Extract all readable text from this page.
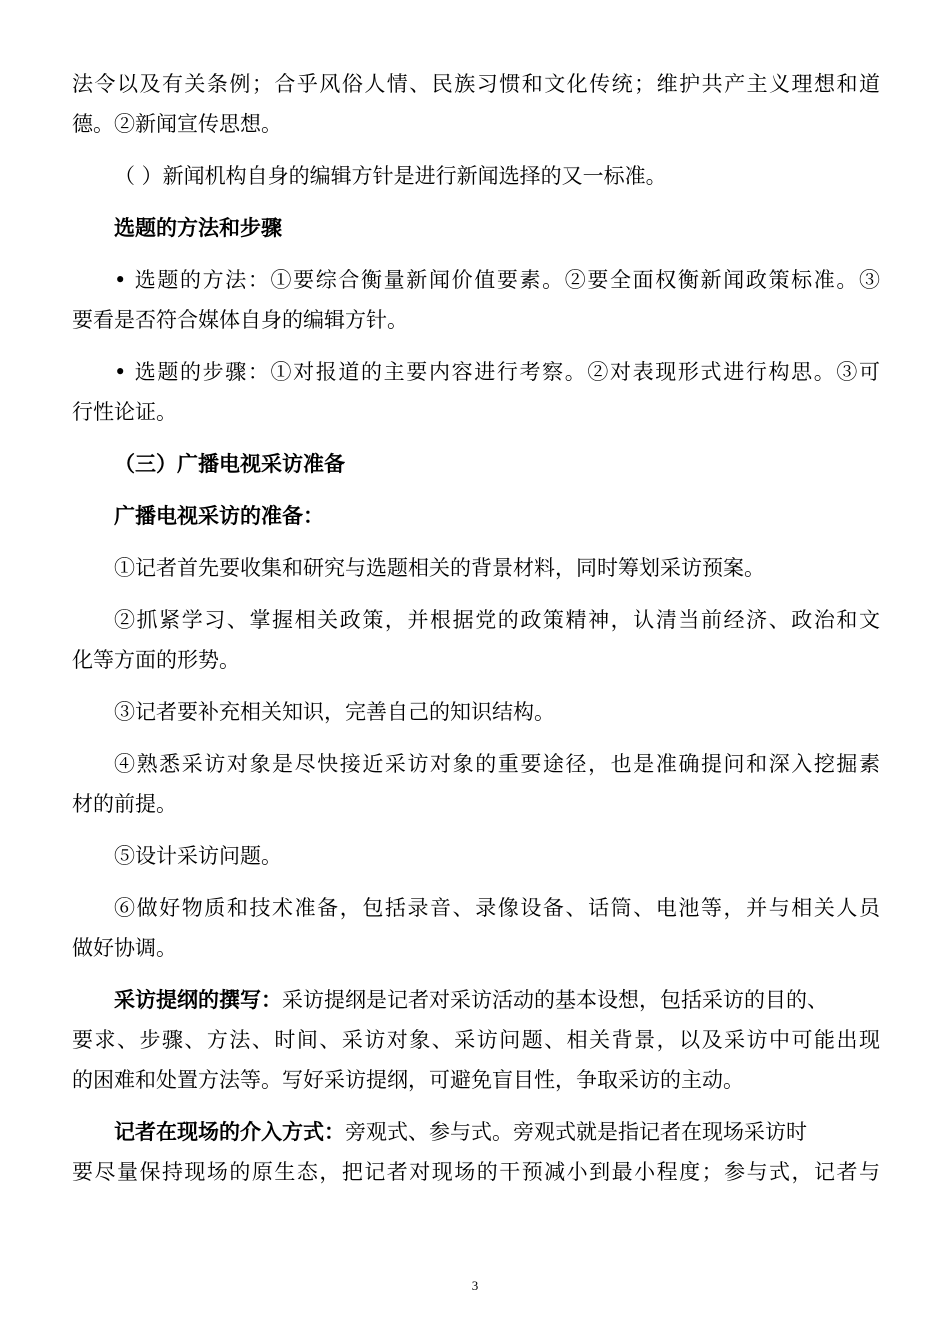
法令以及有关条例；合乎风俗人情、民族习惯和文化传统；维护共产主义理想和道
德。②新闻宣传思想。
（ ）新闻机构自身的编辑方针是进行新闻选择的又一标准。
选题的方法和步骤
• 选题的方法：①要综合衡量新闻价值要素。②要全面权衡新闻政策标准。③
要看是否符合媒体自身的编辑方针。
• 选题的步骤：①对报道的主要内容进行考察。②对表现形式进行构思。③可
行性论证。
（三）广播电视采访准备
广播电视采访的准备：
①记者首先要收集和研究与选题相关的背景材料，同时筹划采访预案。
②抓紧学习、掌握相关政策，并根据党的政策精神，认清当前经济、政治和文
化等方面的形势。
③记者要补充相关知识，完善自己的知识结构。
④熟悉采访对象是尽快接近采访对象的重要途径，也是准确提问和深入挖掘素
材的前提。
⑤设计采访问题。
⑥做好物质和技术准备，包括录音、录像设备、话筒、电池等，并与相关人员
做好协调。
采访提纲的撰写：采访提纲是记者对采访活动的基本设想，包括采访的目的、
要求、步骤、方法、时间、采访对象、采访问题、相关背景，以及采访中可能出现
的困难和处置方法等。写好采访提纲，可避免盲目性，争取采访的主动。
记者在现场的介入方式：旁观式、参与式。旁观式就是指记者在现场采访时
要尽量保持现场的原生态，把记者对现场的干预减小到最小程度；参与式，记者与
3
